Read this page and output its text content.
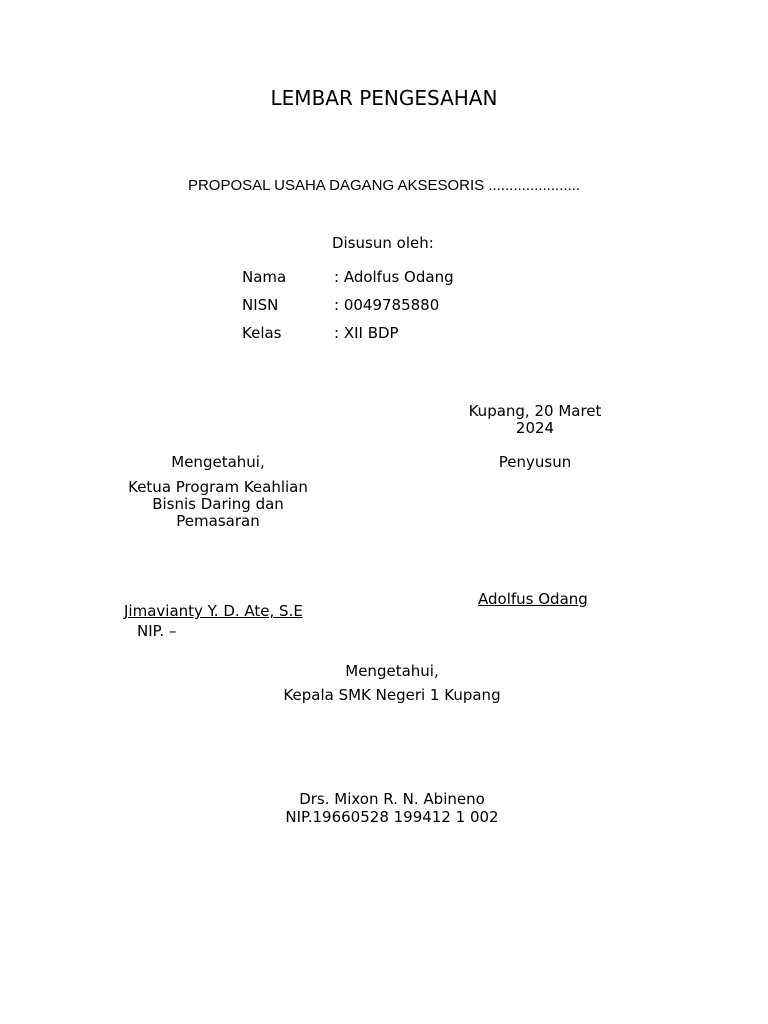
LEMBAR PENGESAHAN
PROPOSAL USAHA DAGANG AKSESORIS ......................
Disusun oleh:
Nama	: Adolfus Odang
NISN	: 0049785880
Kelas	: XII BDP
Kupang, 20 Maret
2024
Mengetahui,
Ketua Program Keahlian
Bisnis Daring dan
Pemasaran
Jimavianty Y. D. Ate, S.E
NIP. –
Penyusun
Adolfus Odang
Mengetahui,
Kepala SMK Negeri 1 Kupang
Drs. Mixon R. N. Abineno
NIP.19660528 199412 1 002
